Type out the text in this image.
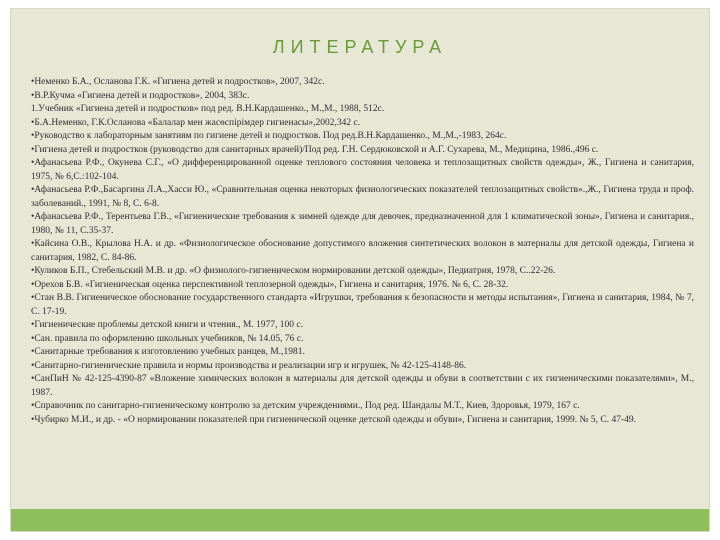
ЛИТЕРАТУРА

•Неменко Б.А., Осланова Г.К. «Гигиена детей и подростков», 2007, 342с.

•В.Р.Кучма «Гигиена детей и подростков», 2004, 383с.

1.Учебник «Гигиена детей и подростков» под ред. В.Н.Кардашенко., М.,М., 1988, 512с.

•Б.А.Неменко, Г.К.Осланова «Балалар мен жасөспірімдер гигиенасы»,2002,342 с.

•Руководство к лабораторным занятиям по гигиене детей и подростков. Под ред.В.Н.Кардашенко., М.,М.,-1983, 264с.

•Гигиена детей и подростков (руководство для санитарных врачей)/Под ред. Г.Н. Сердюковской и А.Г. Сухарева, М., Медицина, 1986.,496 с.

•Афанасьева Р.Ф., Окунева С.Г., «О дифференцированной оценке теплового состояния человека и теплозащитных свойств одежды», Ж., Гигиена и санитария, 1975, № 6,С.:102-104.

•Афанасьева Р.Ф.,Басаргина Л.А.,Хаcси Ю., «Сравнительная оценка некоторых физиологических показателей теплозащитных свойств».,Ж., Гигиена труда и проф. заболеваний., 1991, № 8, С. 6-8.

•Афанасьева Р.Ф., Терентьева Г.В., «Гигиенические требования к зимней одежде для девочек, предназначенной для 1 климатической зоны», Гигиена и санитария., 1980, № 11, С.35-37.

•Кайсина О.В., Крылова Н.А. и др. «Физиологическое обоснование допустимого вложения синтетических волокон в материалы для детской одежды, Гигиена и санитария, 1982, С. 84-86.

•Куликов Б.П., Стебельский М.В. и др. «О физиолого-гигиеническом нормировании детской одежды», Педиатрия, 1978, С..22-26.

•Орехов Б.В. «Гигиеническая оценка перспективной теплозерной одежды», Гигиена и санитария, 1976. № 6, С. 28-32.

•Стан В.В. Гигиеническое обоснование государственного стандарта «Игрушки, требования к безопасности и методы испытания», Гигиена и санитария, 1984, № 7, С. 17-19.

•Гигиенические проблемы детской книги и чтения., М. 1977, 100 с.

•Сан. правила по оформлению школьных учебников, № 14.05, 76 с.

•Санитарные требования к изготовлению учебных ранцев, М.,1981.

•Санитарно-гигиенические правила и нормы производства и реализации игр и игрушек, № 42-125-4148-86.

•СанПиН № 42-125-4390-87 «Вложение химических волокон в материалы для детской одежды и обуви в соответствии с их гигиеническими показателями», М., 1987.

•Справочник по санитарно-гигиеническому контролю за детским учреждениями., Под ред. Шандалы М.Т., Киев, Здоровья, 1979, 167 с.

•Чубирко М.И., и др. - «О нормировании показателей при гигиенической оценке детской одежды и обуви», Гигиена и санитария, 1999. № 5, С. 47-49.
